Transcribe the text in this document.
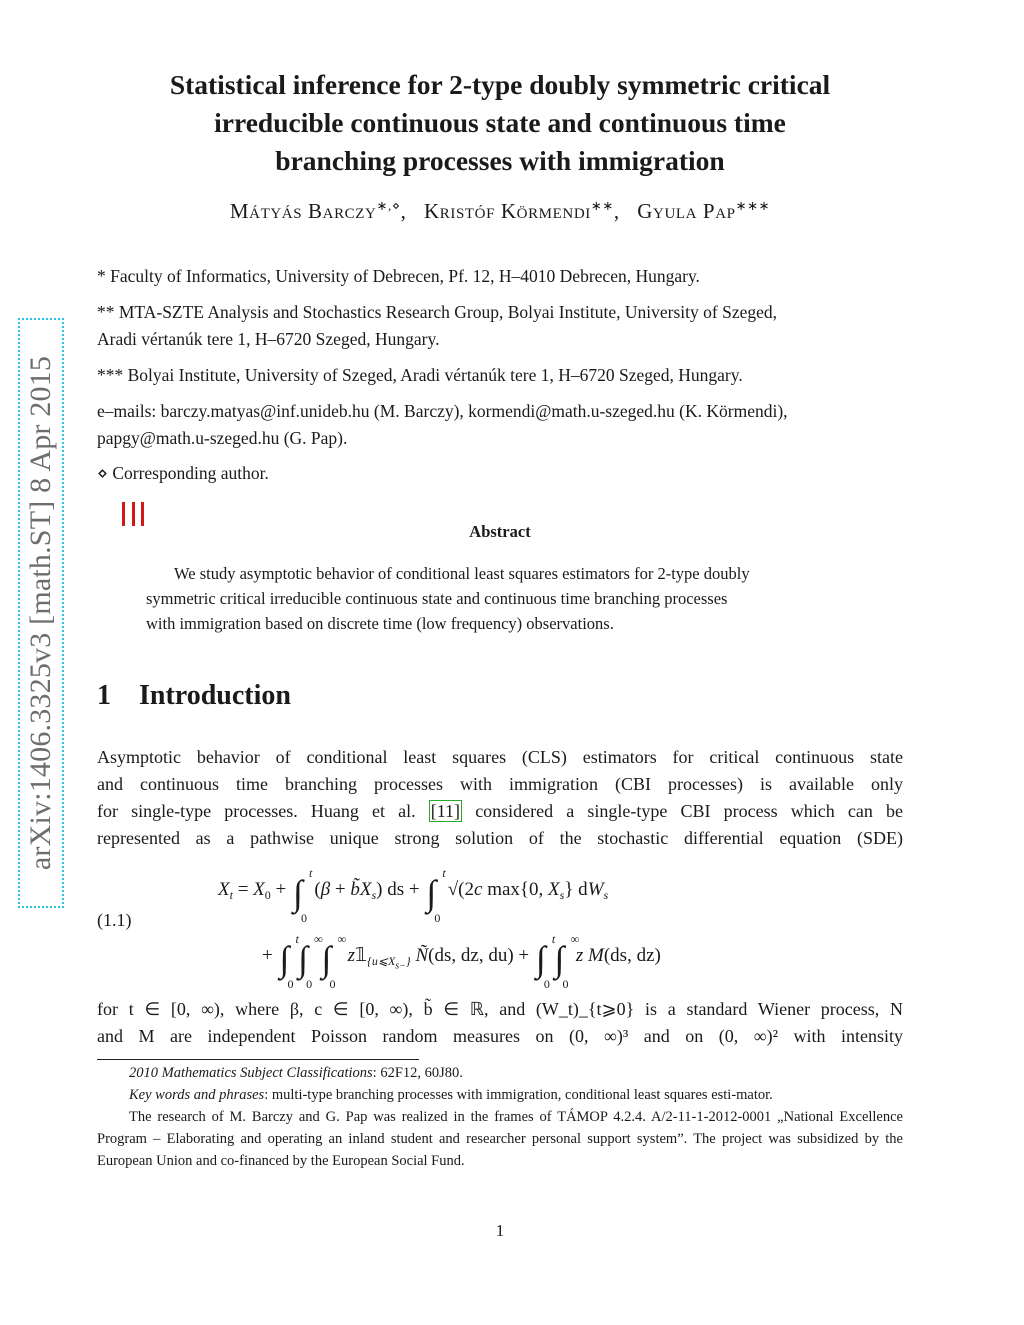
arXiv:1406.3325v3 [math.ST] 8 Apr 2015
Statistical inference for 2-type doubly symmetric critical
irreducible continuous state and continuous time
branching processes with immigration
Mátyás Barczy∗,⋄,   Kristóf Körmendi∗∗,   Gyula Pap∗∗∗
* Faculty of Informatics, University of Debrecen, Pf. 12, H–4010 Debrecen, Hungary.
** MTA-SZTE Analysis and Stochastics Research Group, Bolyai Institute, University of Szeged,
Aradi vértanúk tere 1, H–6720 Szeged, Hungary.
*** Bolyai Institute, University of Szeged, Aradi vértanúk tere 1, H–6720 Szeged, Hungary.
e–mails: barczy.matyas@inf.unideb.hu (M. Barczy), kormendi@math.u-szeged.hu (K. Körmendi),
papgy@math.u-szeged.hu (G. Pap).
⋄ Corresponding author.
Abstract
We study asymptotic behavior of conditional least squares estimators for 2-type doubly
symmetric critical irreducible continuous state and continuous time branching processes
with immigration based on discrete time (low frequency) observations.
1 Introduction
Asymptotic behavior of conditional least squares (CLS) estimators for critical continuous state
and continuous time branching processes with immigration (CBI processes) is available only
for single-type processes. Huang et al. [11] considered a single-type CBI process which can be
represented as a pathwise unique strong solution of the stochastic differential equation (SDE)
(1.1)
$X_t = X_0$ + ∫ t
0
$(\beta + b̃X_s)$ ds + ∫ t
0
√(2c max{0, $X_s$} $dW_s$
+ ∫ t
0
∫ ∞
0
∫ ∞
0
$z𝟙_{\{u⩽X_{s-}\}}$ Ñ(ds, dz, du) + ∫ t
0
∫ ∞
0
z M(ds, dz)
for t ∈ [0, ∞), where β, c ∈ [0, ∞), b̃ ∈ ℝ, and (W_t)_{t⩾0} is a standard Wiener process, N
and M are independent Poisson random measures on (0, ∞)³ and on (0, ∞)² with intensity
2010 Mathematics Subject Classifications: 62F12, 60J80.
Key words and phrases: multi-type branching processes with immigration, conditional least squares esti-mator.
The research of M. Barczy and G. Pap was realized in the frames of TÁMOP 4.2.4. A/2-11-1-2012-0001 „National Excellence Program – Elaborating and operating an inland student and researcher personal support system”. The project was subsidized by the European Union and co-financed by the European Social Fund.
1
